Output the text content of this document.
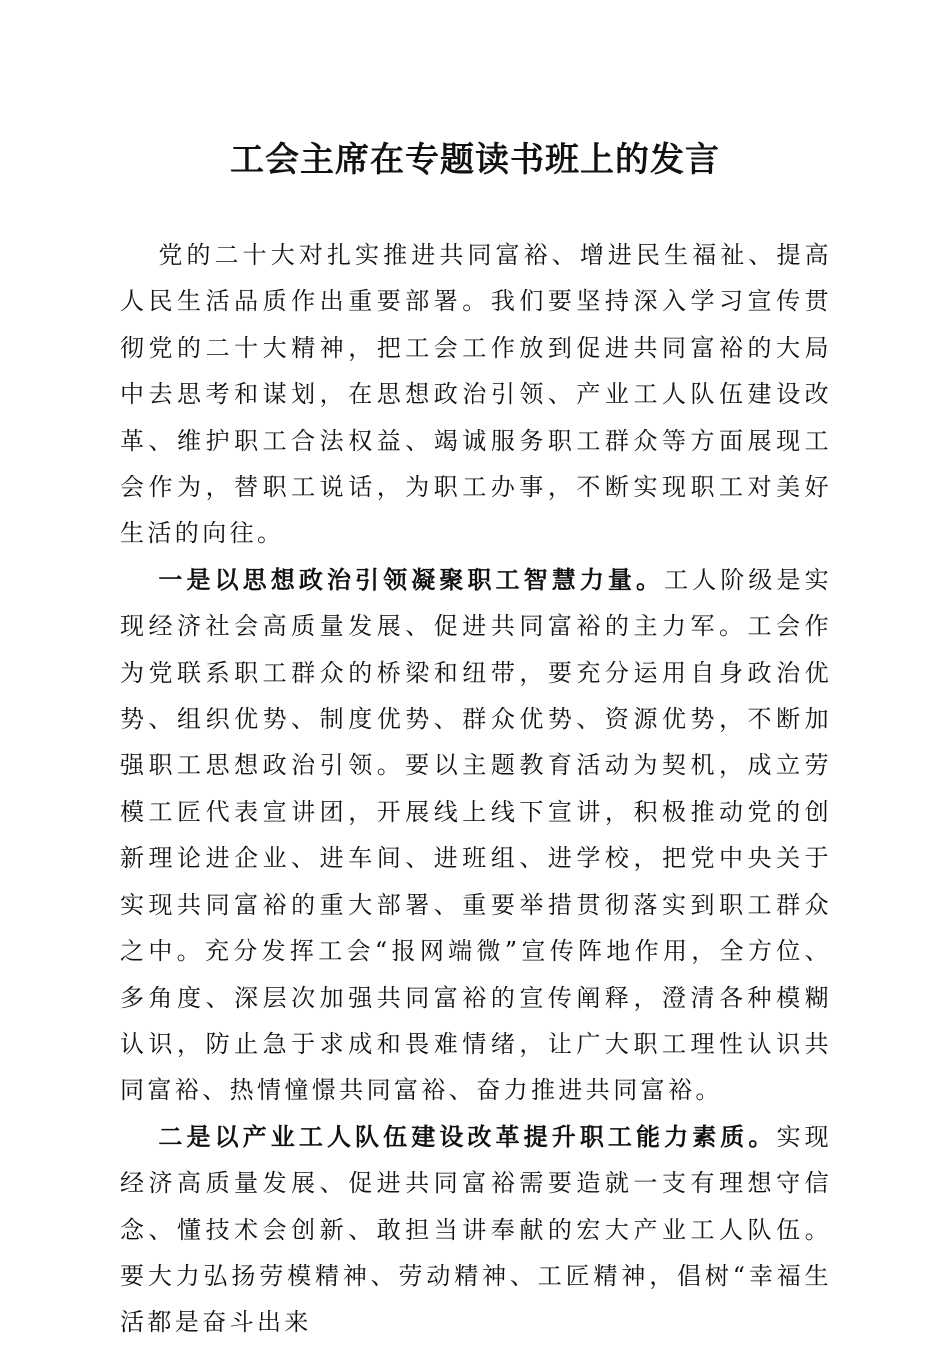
工会主席在专题读书班上的发言

党的二十大对扎实推进共同富裕、增进民生福祉、提高人民生活品质作出重要部署。我们要坚持深入学习宣传贯彻党的二十大精神，把工会工作放到促进共同富裕的大局中去思考和谋划，在思想政治引领、产业工人队伍建设改革、维护职工合法权益、竭诚服务职工群众等方面展现工会作为，替职工说话，为职工办事，不断实现职工对美好生活的向往。

一是以思想政治引领凝聚职工智慧力量。工人阶级是实现经济社会高质量发展、促进共同富裕的主力军。工会作为党联系职工群众的桥梁和纽带，要充分运用自身政治优势、组织优势、制度优势、群众优势、资源优势，不断加强职工思想政治引领。要以主题教育活动为契机，成立劳模工匠代表宣讲团，开展线上线下宣讲，积极推动党的创新理论进企业、进车间、进班组、进学校，把党中央关于实现共同富裕的重大部署、重要举措贯彻落实到职工群众之中。充分发挥工会“报网端微”宣传阵地作用，全方位、多角度、深层次加强共同富裕的宣传阐释，澄清各种模糊认识，防止急于求成和畏难情绪，让广大职工理性认识共同富裕、热情憧憬共同富裕、奋力推进共同富裕。

二是以产业工人队伍建设改革提升职工能力素质。实现经济高质量发展、促进共同富裕需要造就一支有理想守信念、懂技术会创新、敢担当讲奉献的宏大产业工人队伍。要大力弘扬劳模精神、劳动精神、工匠精神，倡树“幸福生活都是奋斗出来
